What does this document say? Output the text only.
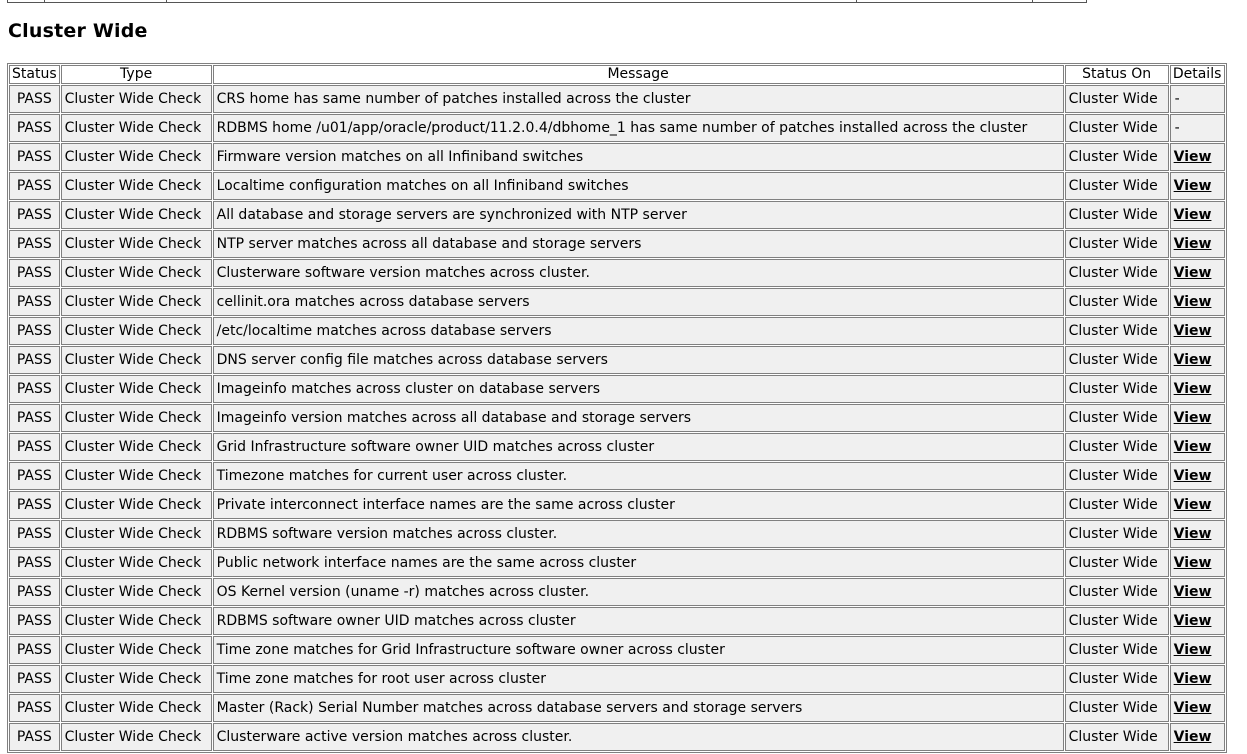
Cluster Wide
Status	Type	Message	Status On	Details
PASS	Cluster Wide Check	CRS home has same number of patches installed across the cluster	Cluster Wide	-
PASS	Cluster Wide Check	RDBMS home /u01/app/oracle/product/11.2.0.4/dbhome_1 has same number of patches installed across the cluster	Cluster Wide	-
PASS	Cluster Wide Check	Firmware version matches on all Infiniband switches	Cluster Wide	View
PASS	Cluster Wide Check	Localtime configuration matches on all Infiniband switches	Cluster Wide	View
PASS	Cluster Wide Check	All database and storage servers are synchronized with NTP server	Cluster Wide	View
PASS	Cluster Wide Check	NTP server matches across all database and storage servers	Cluster Wide	View
PASS	Cluster Wide Check	Clusterware software version matches across cluster.	Cluster Wide	View
PASS	Cluster Wide Check	cellinit.ora matches across database servers	Cluster Wide	View
PASS	Cluster Wide Check	/etc/localtime matches across database servers	Cluster Wide	View
PASS	Cluster Wide Check	DNS server config file matches across database servers	Cluster Wide	View
PASS	Cluster Wide Check	Imageinfo matches across cluster on database servers	Cluster Wide	View
PASS	Cluster Wide Check	Imageinfo version matches across all database and storage servers	Cluster Wide	View
PASS	Cluster Wide Check	Grid Infrastructure software owner UID matches across cluster	Cluster Wide	View
PASS	Cluster Wide Check	Timezone matches for current user across cluster.	Cluster Wide	View
PASS	Cluster Wide Check	Private interconnect interface names are the same across cluster	Cluster Wide	View
PASS	Cluster Wide Check	RDBMS software version matches across cluster.	Cluster Wide	View
PASS	Cluster Wide Check	Public network interface names are the same across cluster	Cluster Wide	View
PASS	Cluster Wide Check	OS Kernel version (uname -r) matches across cluster.	Cluster Wide	View
PASS	Cluster Wide Check	RDBMS software owner UID matches across cluster	Cluster Wide	View
PASS	Cluster Wide Check	Time zone matches for Grid Infrastructure software owner across cluster	Cluster Wide	View
PASS	Cluster Wide Check	Time zone matches for root user across cluster	Cluster Wide	View
PASS	Cluster Wide Check	Master (Rack) Serial Number matches across database servers and storage servers	Cluster Wide	View
PASS	Cluster Wide Check	Clusterware active version matches across cluster.	Cluster Wide	View
